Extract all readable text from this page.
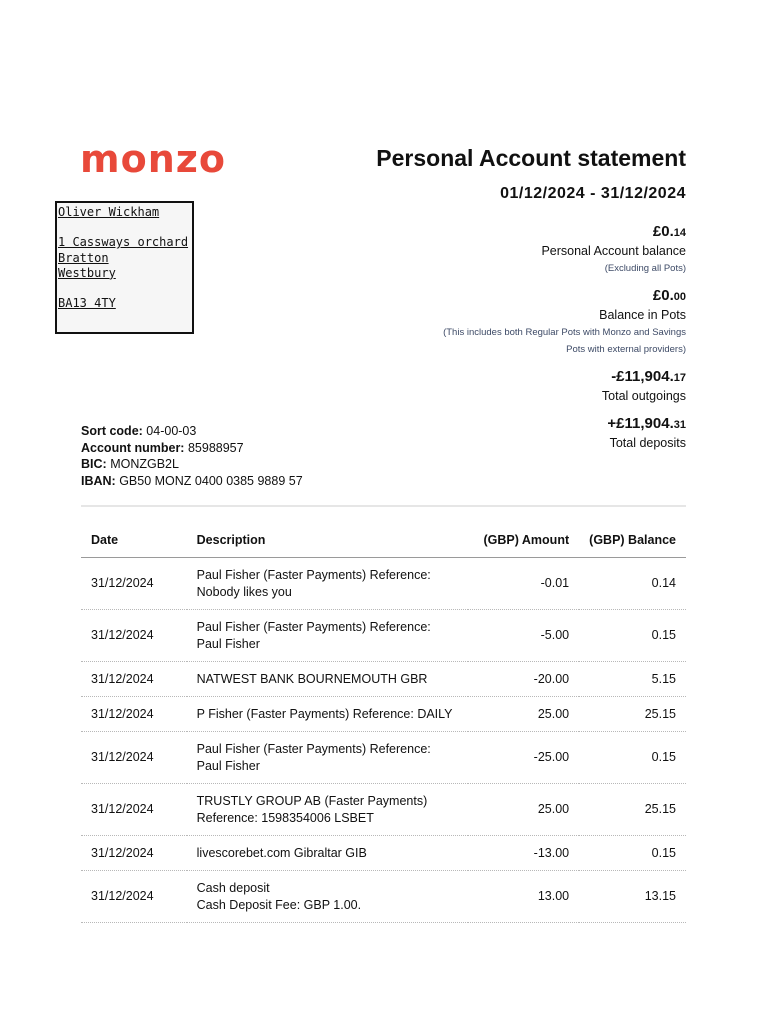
monzo	Personal Account statement
01/12/2024 - 31/12/2024
Oliver Wickham
1 Cassways orchard
Bratton
Westbury
BA13 4TY
£0.14
Personal Account balance
(Excluding all Pots)
£0.00
Balance in Pots
(This includes both Regular Pots with Monzo and Savings
Pots with external providers)
-£11,904.17
Total outgoings
+£11,904.31
Total deposits
Sort code: 04-00-03
Account number: 85988957
BIC: MONZGB2L
IBAN: GB50 MONZ 0400 0385 9889 57
Date	Description	(GBP) Amount	(GBP) Balance
31/12/2024	Paul Fisher (Faster Payments) Reference:
Nobody likes you	-0.01	0.14
31/12/2024	Paul Fisher (Faster Payments) Reference:
Paul Fisher	-5.00	0.15
31/12/2024	NATWEST BANK BOURNEMOUTH GBR	-20.00	5.15
31/12/2024	P Fisher (Faster Payments) Reference: DAILY	25.00	25.15
31/12/2024	Paul Fisher (Faster Payments) Reference:
Paul Fisher	-25.00	0.15
31/12/2024	TRUSTLY GROUP AB (Faster Payments)
Reference: 1598354006 LSBET	25.00	25.15
31/12/2024	livescorebet.com Gibraltar GIB	-13.00	0.15
31/12/2024	Cash deposit
Cash Deposit Fee: GBP 1.00.	13.00	13.15
